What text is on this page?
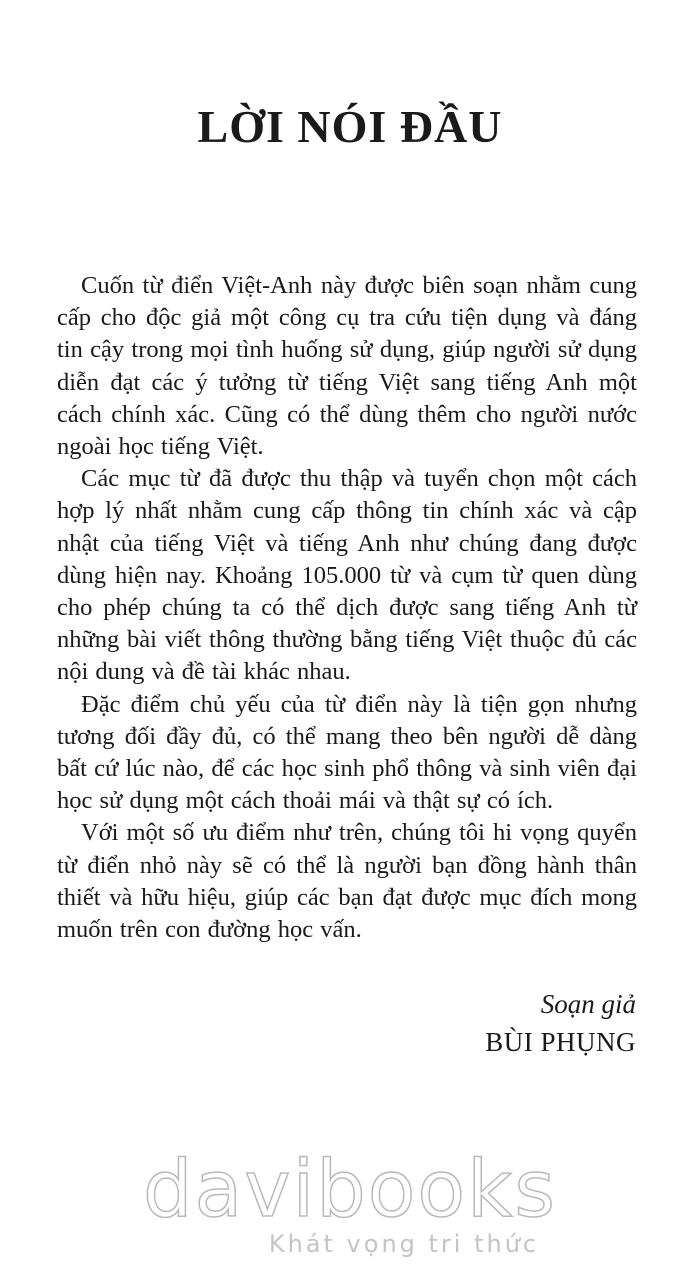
LỜI NÓI ĐẦU

Cuốn từ điển Việt-Anh này được biên soạn nhằm cung cấp cho độc giả một công cụ tra cứu tiện dụng và đáng tin cậy trong mọi tình huống sử dụng, giúp người sử dụng diễn đạt các ý tưởng từ tiếng Việt sang tiếng Anh một cách chính xác. Cũng có thể dùng thêm cho người nước ngoài học tiếng Việt.

Các mục từ đã được thu thập và tuyển chọn một cách hợp lý nhất nhằm cung cấp thông tin chính xác và cập nhật của tiếng Việt và tiếng Anh như chúng đang được dùng hiện nay. Khoảng 105.000 từ và cụm từ quen dùng cho phép chúng ta có thể dịch được sang tiếng Anh từ những bài viết thông thường bằng tiếng Việt thuộc đủ các nội dung và đề tài khác nhau.

Đặc điểm chủ yếu của từ điển này là tiện gọn nhưng tương đối đầy đủ, có thể mang theo bên người dễ dàng bất cứ lúc nào, để các học sinh phổ thông và sinh viên đại học sử dụng một cách thoải mái và thật sự có ích.

Với một số ưu điểm như trên, chúng tôi hi vọng quyển từ điển nhỏ này sẽ có thể là người bạn đồng hành thân thiết và hữu hiệu, giúp các bạn đạt được mục đích mong muốn trên con đường học vấn.

Soạn giả

BÙI PHỤNG

davibooks
Khát vọng tri thức
